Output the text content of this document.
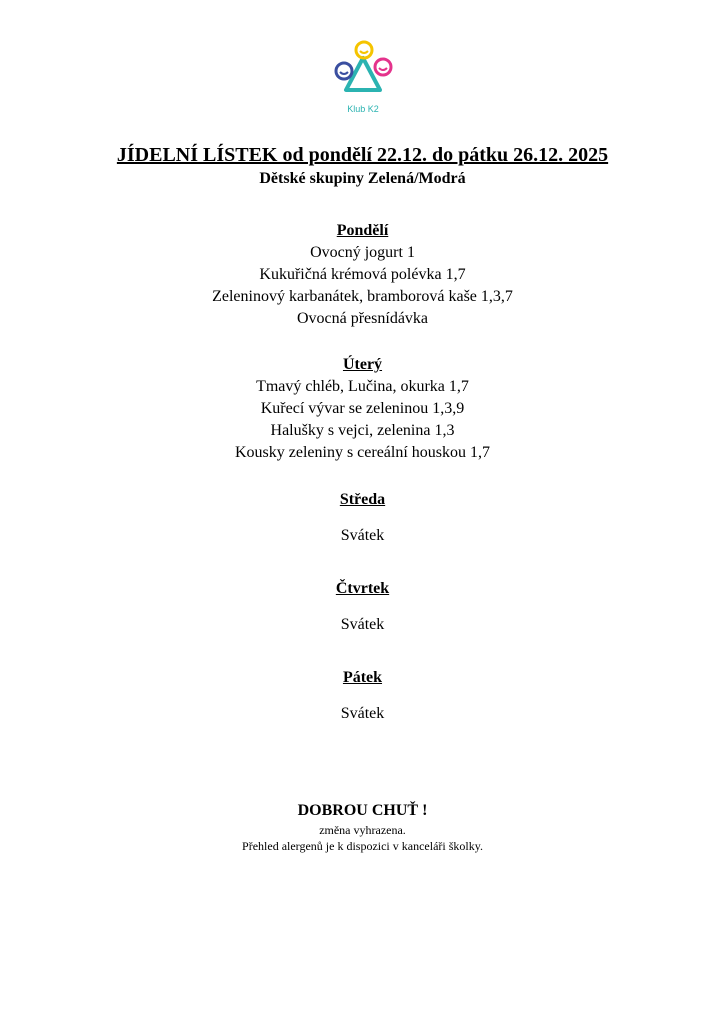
Klub K2
JÍDELNÍ LÍSTEK od pondělí 22.12. do pátku 26.12. 2025
Dětské skupiny Zelená/Modrá
Pondělí
Ovocný jogurt 1
Kukuřičná krémová polévka 1,7
Zeleninový karbanátek, bramborová kaše 1,3,7
Ovocná přesnídávka
Úterý
Tmavý chléb, Lučina, okurka 1,7
Kuřecí vývar se zeleninou 1,3,9
Halušky s vejci, zelenina 1,3
Kousky zeleniny s cereální houskou 1,7
Středa
Svátek
Čtvrtek
Svátek
Pátek
Svátek
DOBROU CHUŤ !
změna vyhrazena.
Přehled alergenů je k dispozici v kanceláři školky.
